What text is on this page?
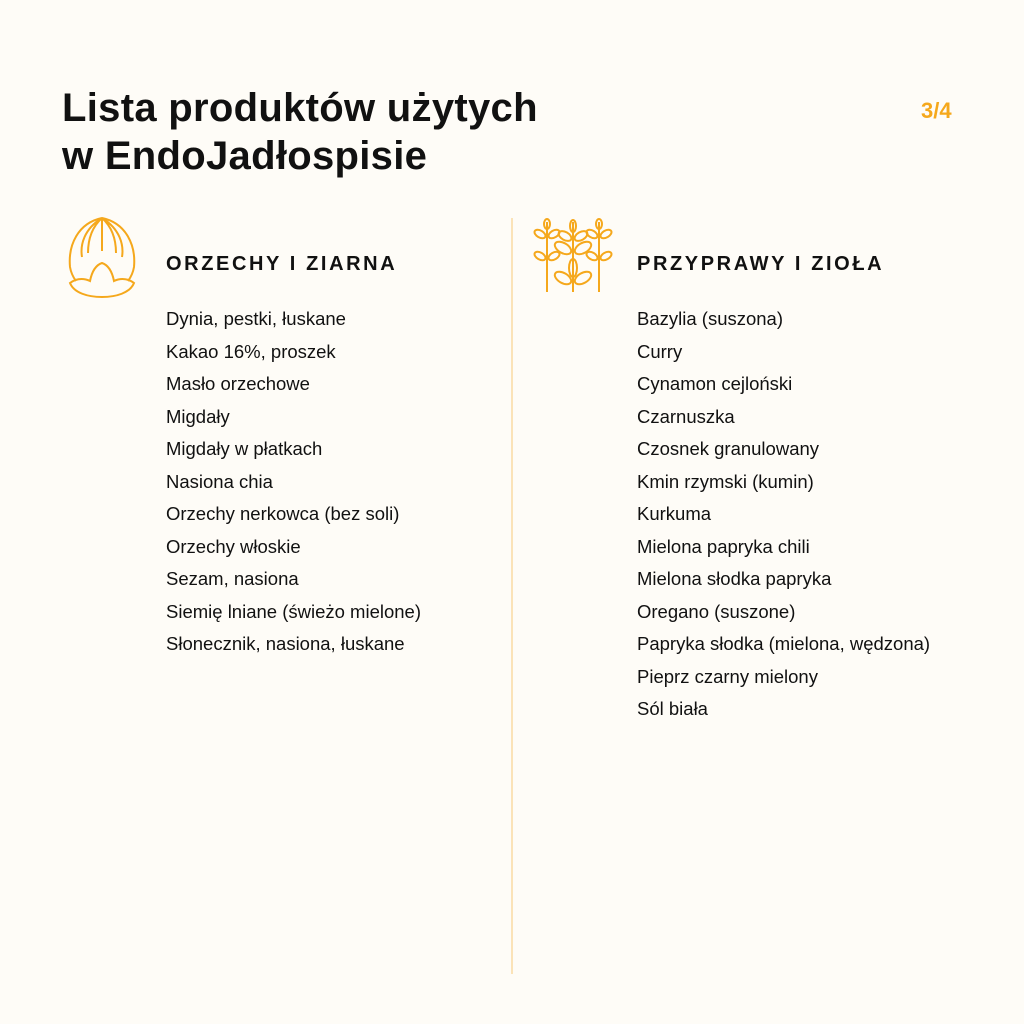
Lista produktów użytych
w EndoJadłospisie
3/4
ORZECHY I ZIARNA
Dynia, pestki, łuskane
Kakao 16%, proszek
Masło orzechowe
Migdały
Migdały w płatkach
Nasiona chia
Orzechy nerkowca (bez soli)
Orzechy włoskie
Sezam, nasiona
Siemię lniane (świeżo mielone)
Słonecznik, nasiona, łuskane
PRZYPRAWY I ZIOŁA
Bazylia (suszona)
Curry
Cynamon cejloński
Czarnuszka
Czosnek granulowany
Kmin rzymski (kumin)
Kurkuma
Mielona papryka chili
Mielona słodka papryka
Oregano (suszone)
Papryka słodka (mielona, wędzona)
Pieprz czarny mielony
Sól biała
